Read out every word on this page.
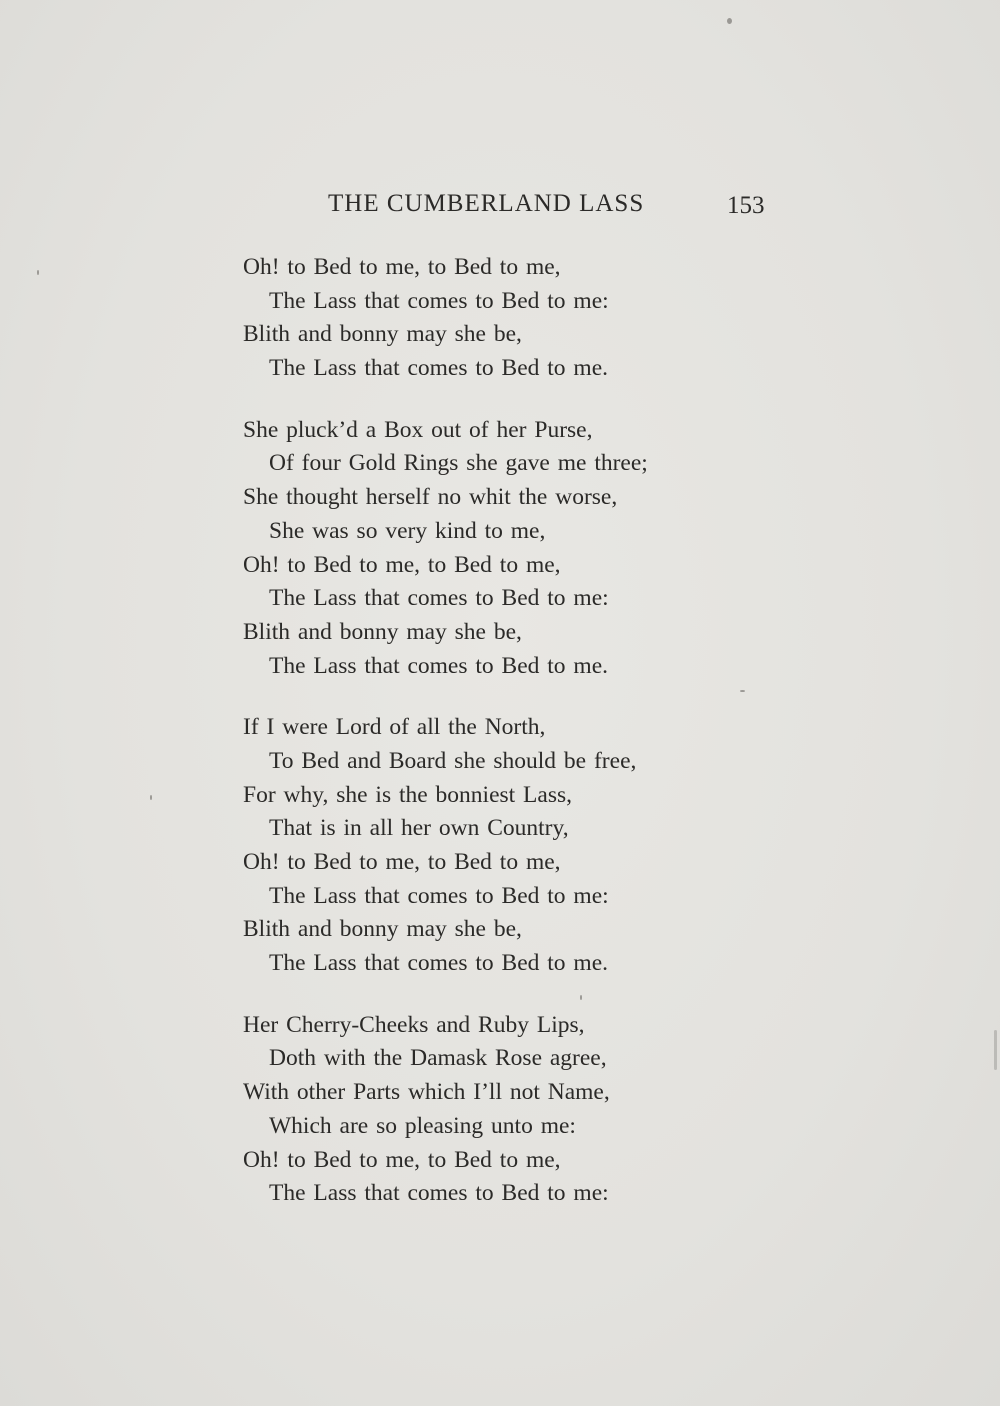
THE CUMBERLAND LASS	153
Oh! to Bed to me, to Bed to me,
The Lass that comes to Bed to me:
Blith and bonny may she be,
The Lass that comes to Bed to me.
She pluck’d a Box out of her Purse,
Of four Gold Rings she gave me three;
She thought herself no whit the worse,
She was so very kind to me,
Oh! to Bed to me, to Bed to me,
The Lass that comes to Bed to me:
Blith and bonny may she be,
The Lass that comes to Bed to me.
If I were Lord of all the North,
To Bed and Board she should be free,
For why, she is the bonniest Lass,
That is in all her own Country,
Oh! to Bed to me, to Bed to me,
The Lass that comes to Bed to me:
Blith and bonny may she be,
The Lass that comes to Bed to me.
Her Cherry-Cheeks and Ruby Lips,
Doth with the Damask Rose agree,
With other Parts which I’ll not Name,
Which are so pleasing unto me:
Oh! to Bed to me, to Bed to me,
The Lass that comes to Bed to me:
